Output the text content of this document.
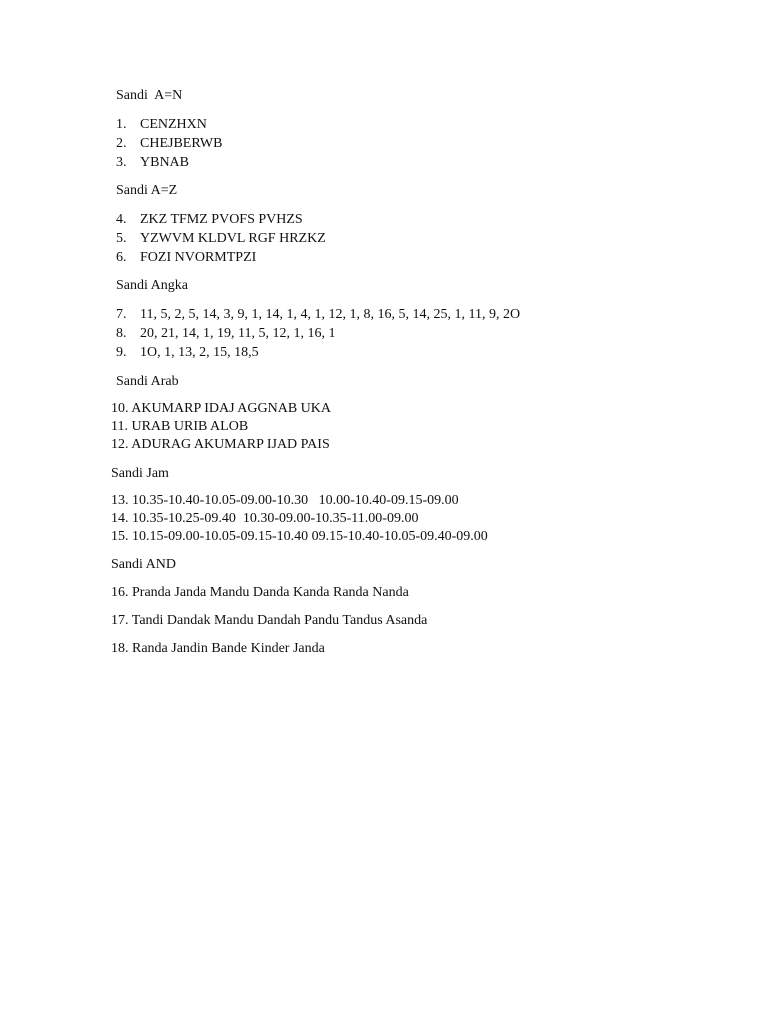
Sandi  A=N
1. CENZHXN
2. CHEJBERWB
3. YBNAB
Sandi A=Z
4. ZKZ TFMZ PVOFS PVHZS
5. YZWVM KLDVL RGF HRZKZ
6. FOZI NVORMTPZI
Sandi Angka
7. 11, 5, 2, 5, 14, 3, 9, 1, 14, 1, 4, 1, 12, 1, 8, 16, 5, 14, 25, 1, 11, 9, 2O
8. 20, 21, 14, 1, 19, 11, 5, 12, 1, 16, 1
9. 1O, 1, 13, 2, 15, 18,5
Sandi Arab
10. AKUMARP IDAJ AGGNAB UKA
11. URAB URIB ALOB
12. ADURAG AKUMARP IJAD PAIS
Sandi Jam
13. 10.35-10.40-10.05-09.00-10.30   10.00-10.40-09.15-09.00
14. 10.35-10.25-09.40  10.30-09.00-10.35-11.00-09.00
15. 10.15-09.00-10.05-09.15-10.40 09.15-10.40-10.05-09.40-09.00
Sandi AND
16. Pranda Janda Mandu Danda Kanda Randa Nanda
17. Tandi Dandak Mandu Dandah Pandu Tandus Asanda
18. Randa Jandin Bande Kinder Janda
